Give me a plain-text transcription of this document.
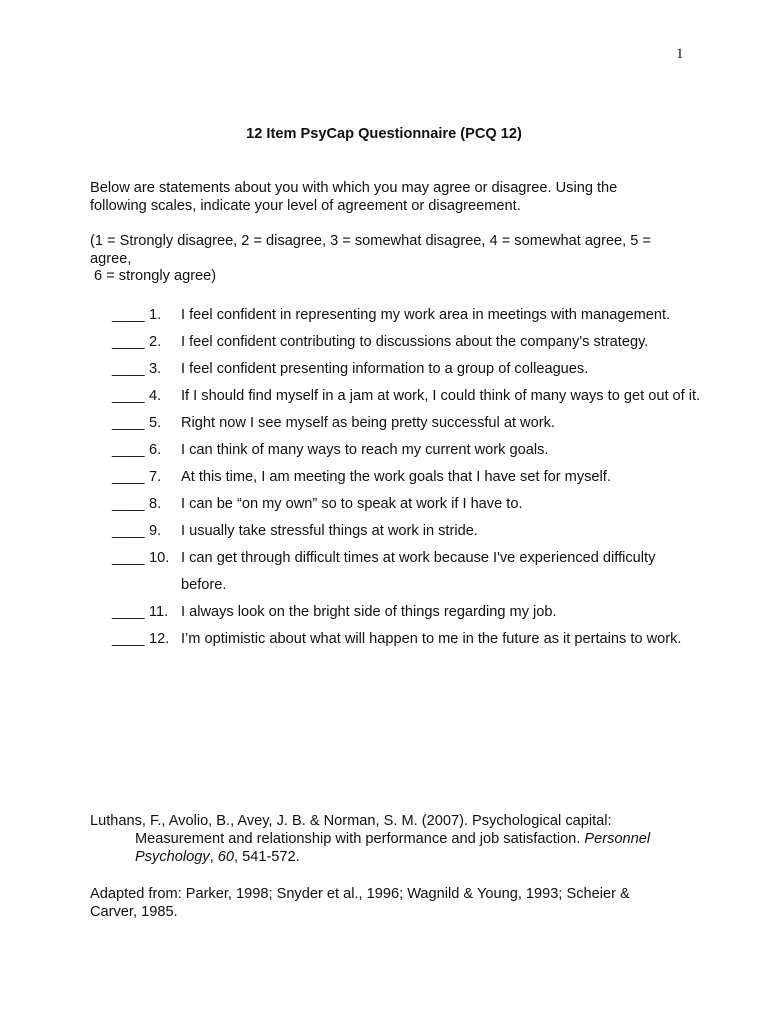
1
12 Item PsyCap Questionnaire (PCQ 12)

Below are statements about you with which you may agree or disagree. Using the following scales, indicate your level of agreement or disagreement.

(1 = Strongly disagree, 2 = disagree, 3 = somewhat disagree, 4 = somewhat agree, 5 = agree,
6 = strongly agree)

____ 1. I feel confident in representing my work area in meetings with management.
____ 2. I feel confident contributing to discussions about the company's strategy.
____ 3. I feel confident presenting information to a group of colleagues.
____ 4. If I should find myself in a jam at work, I could think of many ways to get out of it.
____ 5. Right now I see myself as being pretty successful at work.
____ 6. I can think of many ways to reach my current work goals.
____ 7. At this time, I am meeting the work goals that I have set for myself.
____ 8. I can be “on my own” so to speak at work if I have to.
____ 9. I usually take stressful things at work in stride.
____ 10. I can get through difficult times at work because I've experienced difficulty before.
____ 11. I always look on the bright side of things regarding my job.
____ 12. I’m optimistic about what will happen to me in the future as it pertains to work.
Luthans, F., Avolio, B., Avey, J. B. & Norman, S. M. (2007). Psychological capital:
Measurement and relationship with performance and job satisfaction. Personnel Psychology, 60, 541-572.

Adapted from: Parker, 1998; Snyder et al., 1996; Wagnild & Young, 1993; Scheier & Carver, 1985.
